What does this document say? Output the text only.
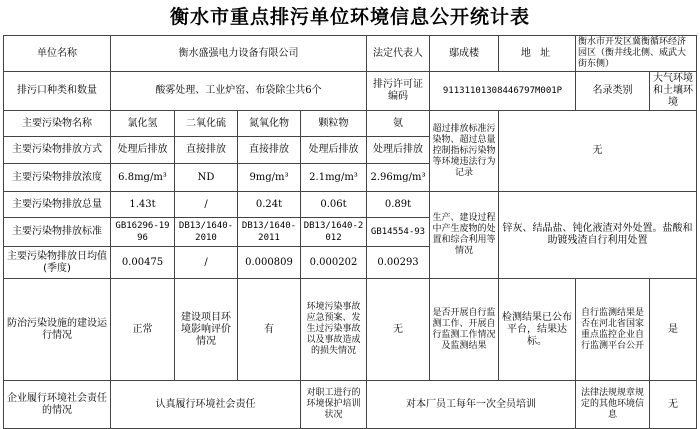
衡水市重点排污单位环境信息公开统计表
单位名称	衡水盛强电力设备有限公司				法定代表人	鄢成楼	地 址	衡水市开发区冀衡循环经济园区（衡井线北侧、威武大街东侧）	
排污口种类和数量	酸雾处理、工业炉窑、布袋除尘共6个				排污许可证编码	91131101308446797M001P		名录类别	大气环境和土壤环境
主要污染物名称	氯化氢	二氧化硫	氮氧化物	颗粒物	氨	超过排放标准污染物、超过总量控制指标污染物等环境违法行为记录	无		
主要污染物排放方式	处理后排放	直接排放	直接排放	处理后排放	处理后排放				
主要污染物排放浓度	6.8mg/m³	ND	9mg/m³	2.1mg/m³	2.96mg/m³				
主要污染物排放总量	1.43t	/	0.24t	0.06t	0.89t	生产、建设过程中产生废物的处置和综合利用等情况	锌灰、结晶盐、钝化液渣对外处置。盐酸和助镀残渣自行利用处置		
主要污染物排放标准	GB16296-1996	DB13/1640-2010	DB13/1640-2011	DB13/1640-2012	GB14554-93				
主要污染物排放日均值(季度)	0.00475	/	0.000809	0.000202	0.00293				
防治污染设施的建设运行情况	正常	建设项目环境影响评价情况	有	环境污染事故应急预案、发生过污染事故以及事故造成的损失情况	无	是否开展自行监测工作、开展自行监测工作情况及监测结果	检测结果已公布平台，结果达标。	自行监测结果是否在河北省国家重点监控企业自行监测平台公开	是
企业履行环境社会责任的情况	认真履行环境社会责任			对职工进行的环境保护培训状况	对本厂员工每年一次全员培训			法律法规规章规定的其他环境信息	无
